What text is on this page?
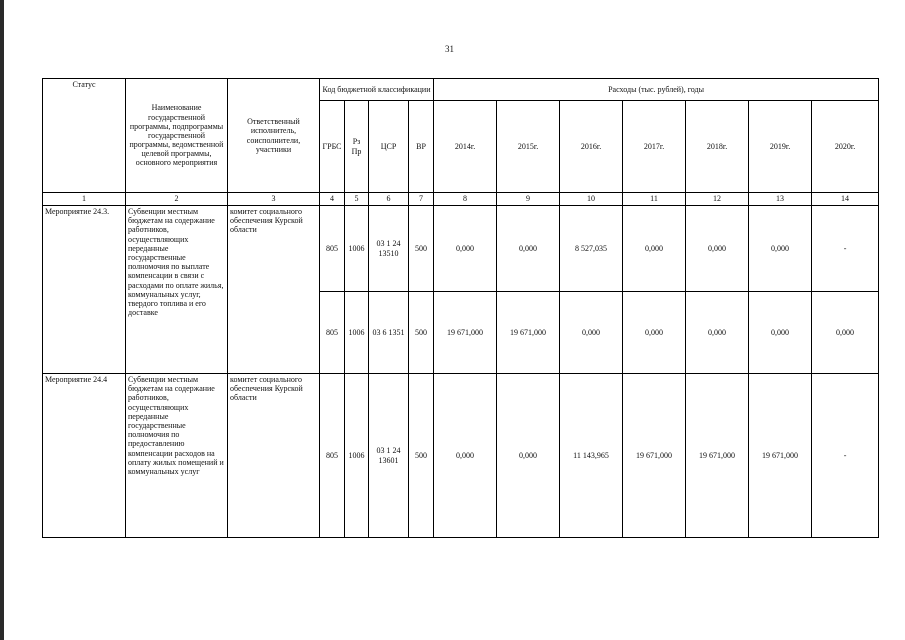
31
Статус	Наименование государственной программы, подпрограммы государственной программы, ведомственной целевой программы, основного мероприятия	Ответственный исполнитель, соисполнители, участники	Код бюджетной классификации				Расходы (тыс. рублей), годы						
			ГРБС	Рз Пр	ЦСР	ВР	2014г.	2015г.	2016г.	2017г.	2018г.	2019г.	2020г.
1	2	3	4	5	6	7	8	9	10	11	12	13	14
Мероприятие 24.3.	Субвенции местным бюджетам на содержание работников, осуществляющих переданные государственные полномочия по выплате компенсации в связи с расходами по оплате жилья, коммунальных услуг, твердого топлива и его доставке	комитет социального обеспечения Курской области	805	1006	03 1 24 13510	500	0,000	0,000	8 527,035	0,000	0,000	0,000	-
			805	1006	03 6 1351	500	19 671,000	19 671,000	0,000	0,000	0,000	0,000	0,000
Мероприятие 24.4	Субвенции местным бюджетам на содержание работников, осуществляющих переданные государственные полномочия по предоставлению компенсации расходов на оплату жилых помещений и коммунальных услуг	комитет социального обеспечения Курской области	805	1006	03 1 24 13601	500	0,000	0,000	11 143,965	19 671,000	19 671,000	19 671,000	-
